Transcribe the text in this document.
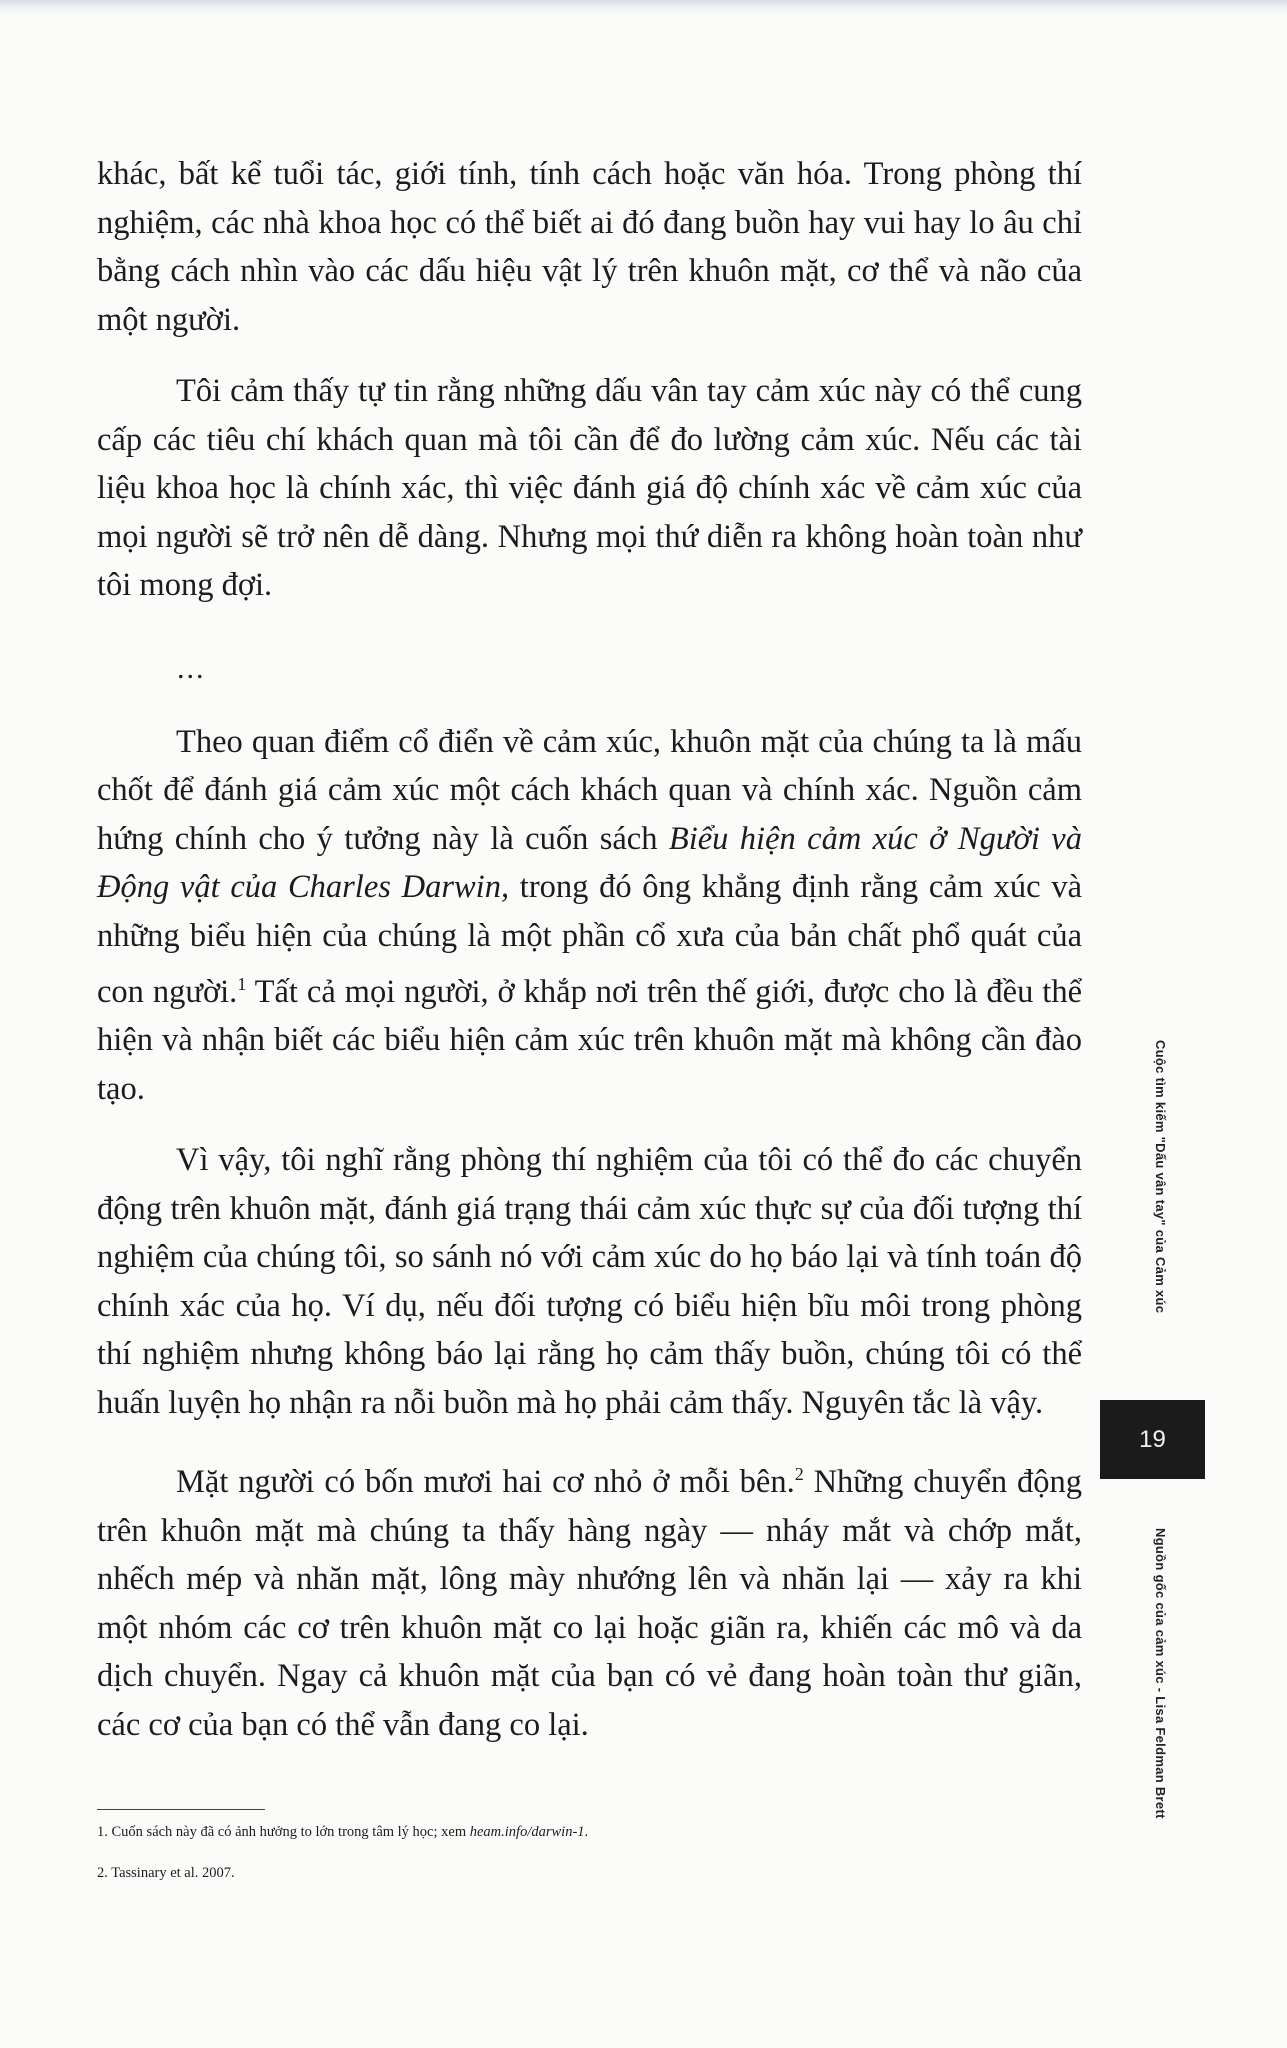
khác, bất kể tuổi tác, giới tính, tính cách hoặc văn hóa. Trong phòng thí nghiệm, các nhà khoa học có thể biết ai đó đang buồn hay vui hay lo âu chỉ bằng cách nhìn vào các dấu hiệu vật lý trên khuôn mặt, cơ thể và não của một người.

Tôi cảm thấy tự tin rằng những dấu vân tay cảm xúc này có thể cung cấp các tiêu chí khách quan mà tôi cần để đo lường cảm xúc. Nếu các tài liệu khoa học là chính xác, thì việc đánh giá độ chính xác về cảm xúc của mọi người sẽ trở nên dễ dàng. Nhưng mọi thứ diễn ra không hoàn toàn như tôi mong đợi.

...

Theo quan điểm cổ điển về cảm xúc, khuôn mặt của chúng ta là mấu chốt để đánh giá cảm xúc một cách khách quan và chính xác. Nguồn cảm hứng chính cho ý tưởng này là cuốn sách Biểu hiện cảm xúc ở Người và Động vật của Charles Darwin, trong đó ông khẳng định rằng cảm xúc và những biểu hiện của chúng là một phần cổ xưa của bản chất phổ quát của con người.$^1$ Tất cả mọi người, ở khắp nơi trên thế giới, được cho là đều thể hiện và nhận biết các biểu hiện cảm xúc trên khuôn mặt mà không cần đào tạo.

Vì vậy, tôi nghĩ rằng phòng thí nghiệm của tôi có thể đo các chuyển động trên khuôn mặt, đánh giá trạng thái cảm xúc thực sự của đối tượng thí nghiệm của chúng tôi, so sánh nó với cảm xúc do họ báo lại và tính toán độ chính xác của họ. Ví dụ, nếu đối tượng có biểu hiện bĩu môi trong phòng thí nghiệm nhưng không báo lại rằng họ cảm thấy buồn, chúng tôi có thể huấn luyện họ nhận ra nỗi buồn mà họ phải cảm thấy. Nguyên tắc là vậy.

Mặt người có bốn mươi hai cơ nhỏ ở mỗi bên.$^2$ Những chuyển động trên khuôn mặt mà chúng ta thấy hàng ngày — nháy mắt và chớp mắt, nhếch mép và nhăn mặt, lông mày nhướng lên và nhăn lại — xảy ra khi một nhóm các cơ trên khuôn mặt co lại hoặc giãn ra, khiến các mô và da dịch chuyển. Ngay cả khuôn mặt của bạn có vẻ đang hoàn toàn thư giãn, các cơ của bạn có thể vẫn đang co lại.

1. Cuốn sách này đã có ảnh hưởng to lớn trong tâm lý học; xem heam.info/darwin-1.
2. Tassinary et al. 2007.
Cuộc tìm kiếm "Dấu vân tay" của Cảm xúc
19
Nguồn gốc của cảm xúc - Lisa Feldman Brett
